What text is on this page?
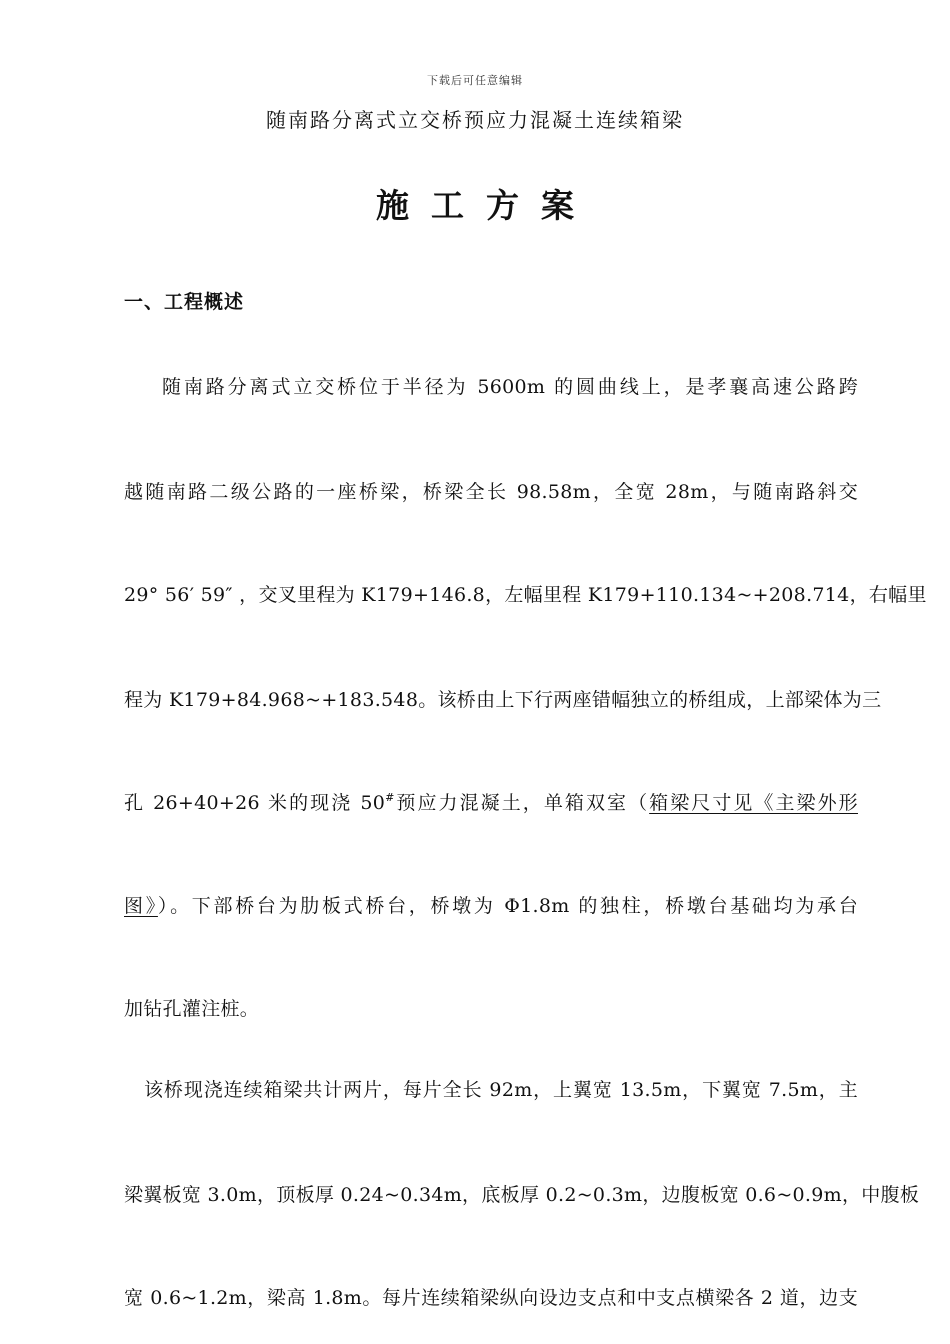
下载后可任意编辑
随南路分离式立交桥预应力混凝土连续箱梁
施工方案
一、工程概述
随南路分离式立交桥位于半径为 5600m 的圆曲线上，是孝襄高速公路跨
越随南路二级公路的一座桥梁，桥梁全长 98.58m，全宽 28m，与随南路斜交
29° 56′ 59″ ，交叉里程为 K179+146.8，左幅里程 K179+110.134~+208.714，右幅里
程为 K179+84.968~+183.548。该桥由上下行两座错幅独立的桥组成，上部梁体为三
孔 26+40+26 米的现浇 50#预应力混凝土，单箱双室（箱梁尺寸见《主梁外形
图》）。下部桥台为肋板式桥台，桥墩为 Φ1.8m 的独柱，桥墩台基础均为承台
加钻孔灌注桩。
该桥现浇连续箱梁共计两片，每片全长 92m，上翼宽 13.5m，下翼宽 7.5m，主
梁翼板宽 3.0m，顶板厚 0.24~0.34m，底板厚 0.2~0.3m，边腹板宽 0.6~0.9m，中腹板
宽 0.6~1.2m，梁高 1.8m。每片连续箱梁纵向设边支点和中支点横梁各 2 道，边支
